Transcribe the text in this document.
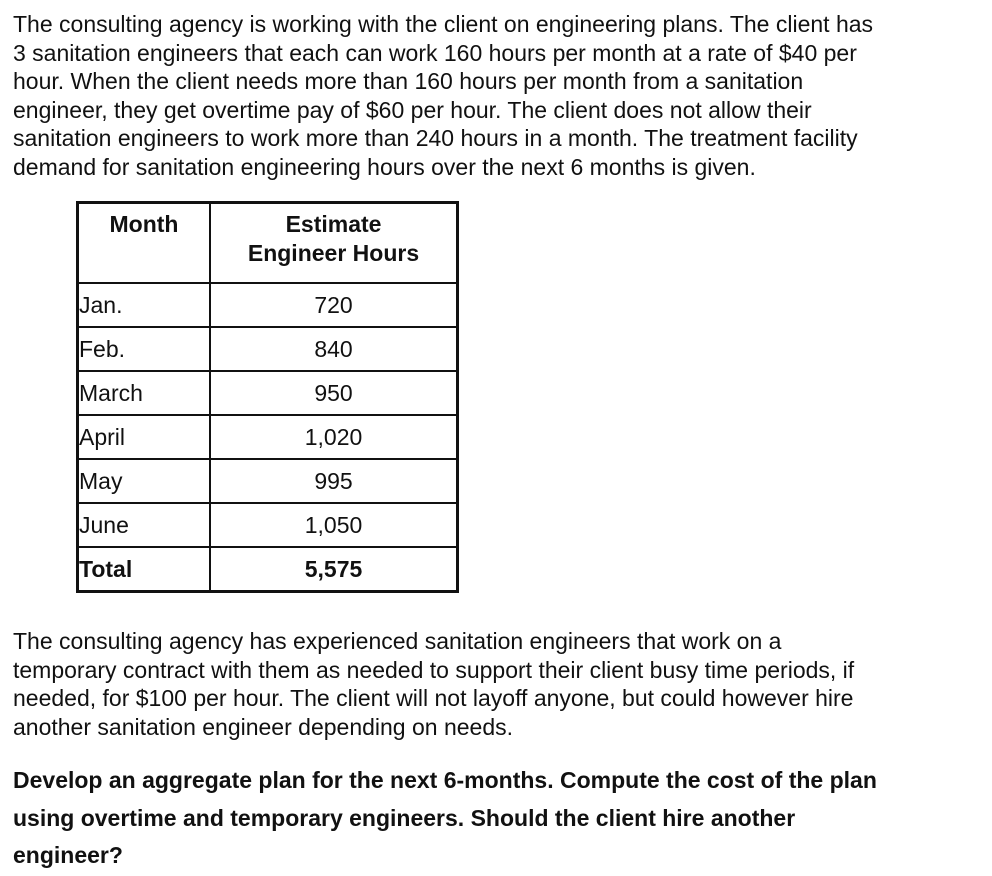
The consulting agency is working with the client on engineering plans. The client has
3 sanitation engineers that each can work 160 hours per month at a rate of $40 per
hour. When the client needs more than 160 hours per month from a sanitation
engineer, they get overtime pay of $60 per hour. The client does not allow their
sanitation engineers to work more than 240 hours in a month. The treatment facility
demand for sanitation engineering hours over the next 6 months is given.

Month	Estimate
Engineer Hours
Jan.	720
Feb.	840
March	950
April	1,020
May	995
June	1,050
Total	5,575

The consulting agency has experienced sanitation engineers that work on a
temporary contract with them as needed to support their client busy time periods, if
needed, for $100 per hour. The client will not layoff anyone, but could however hire
another sanitation engineer depending on needs.

Develop an aggregate plan for the next 6-months. Compute the cost of the plan
using overtime and temporary engineers. Should the client hire another
engineer?
